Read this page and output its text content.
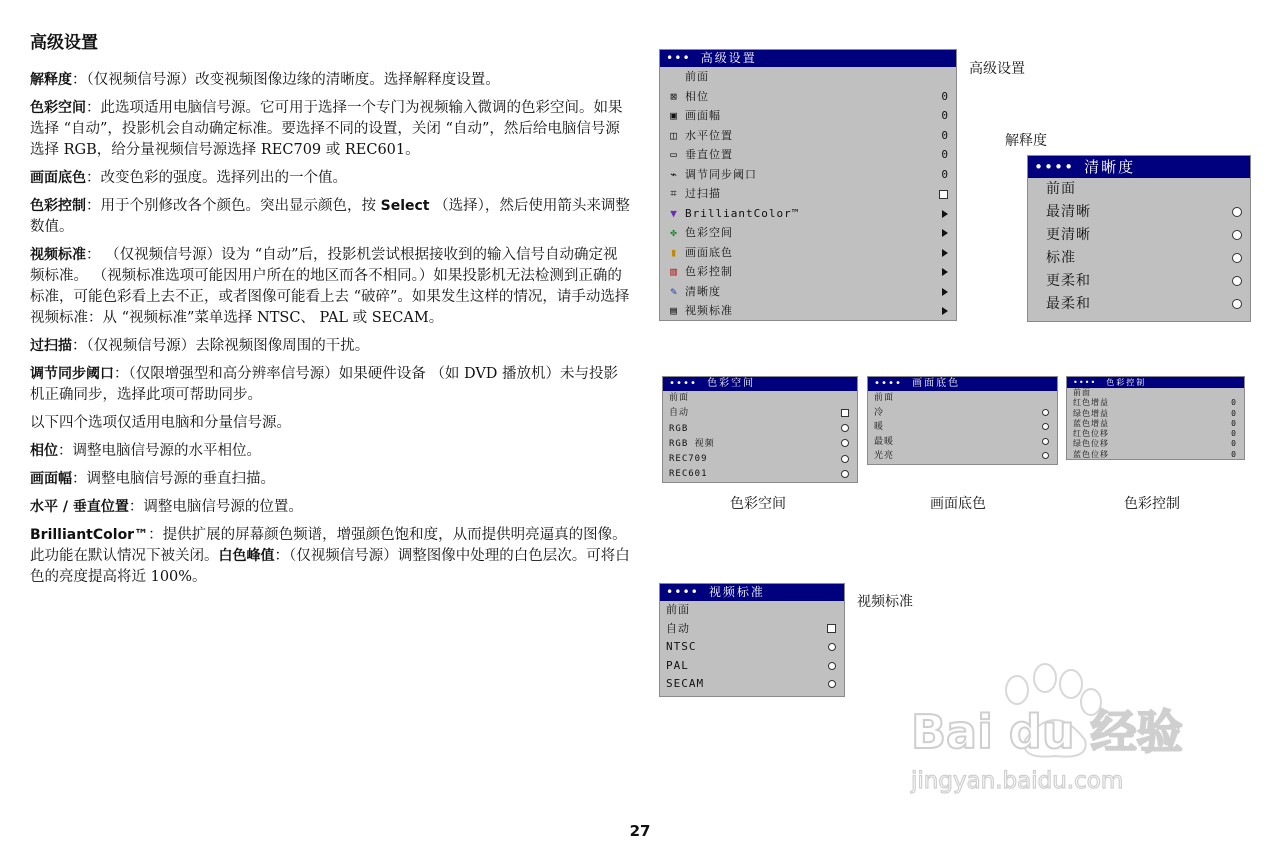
高级设置

解释度：（仅视频信号源）改变视频图像边缘的清晰度。选择解释度设置。

色彩空间：此选项适用电脑信号源。它可用于选择一个专门为视频输入微调的色彩空间。如果选择 “自动”，投影机会自动确定标准。要选择不同的设置，关闭 “自动”，然后给电脑信号源选择 RGB，给分量视频信号源选择 REC709 或 REC601。

画面底色：改变色彩的强度。选择列出的一个值。

色彩控制：用于个别修改各个颜色。突出显示颜色，按 Select （选择），然后使用箭头来调整数值。

视频标准： （仅视频信号源）设为 “自动”后，投影机尝试根据接收到的输入信号自动确定视频标准。 （视频标准选项可能因用户所在的地区而各不相同。）如果投影机无法检测到正确的标准，可能色彩看上去不正，或者图像可能看上去 “破碎”。如果发生这样的情况，请手动选择视频标准：从 “视频标准”菜单选择 NTSC、 PAL 或 SECAM。

过扫描：（仅视频信号源）去除视频图像周围的干扰。

调节同步阈口：（仅限增强型和高分辨率信号源）如果硬件设备 （如 DVD 播放机）未与投影机正确同步，选择此项可帮助同步。

以下四个选项仅适用电脑和分量信号源。

相位：调整电脑信号源的水平相位。

画面幅：调整电脑信号源的垂直扫描。

水平 / 垂直位置：调整电脑信号源的位置。

BrilliantColor™：提供扩展的屏幕颜色频谱，增强颜色饱和度，从而提供明亮逼真的图像。此功能在默认情况下被关闭。白色峰值：（仅视频信号源）调整图像中处理的白色层次。可将白色的亮度提高将近 100%。

••• 高级设置
前面
⊠ 相位	0
▣ 画面幅	0
◫ 水平位置	0
▭ 垂直位置	0
⌁ 调节同步阈口	0
⌗ 过扫描
▼ BrilliantColor™
✤ 色彩空间
▮ 画面底色
▥ 色彩控制
✎ 清晰度
▤ 视频标准
高级设置
解释度
•••• 清晰度
前面
最清晰
更清晰
标准
更柔和
最柔和
•••• 色彩空间
前面
自动
RGB
RGB 视频
REC709
REC601
色彩空间
•••• 画面底色
前面
冷
暖
最暖
光亮
画面底色
•••• 色彩控制
前面
红色增益	0
绿色增益	0
蓝色增益	0
红色位移	0
绿色位移	0
蓝色位移	0
色彩控制
•••• 视频标准
前面
自动
NTSC
PAL
SECAM
视频标准
Bai du 经验
jingyan.baidu.com
27
